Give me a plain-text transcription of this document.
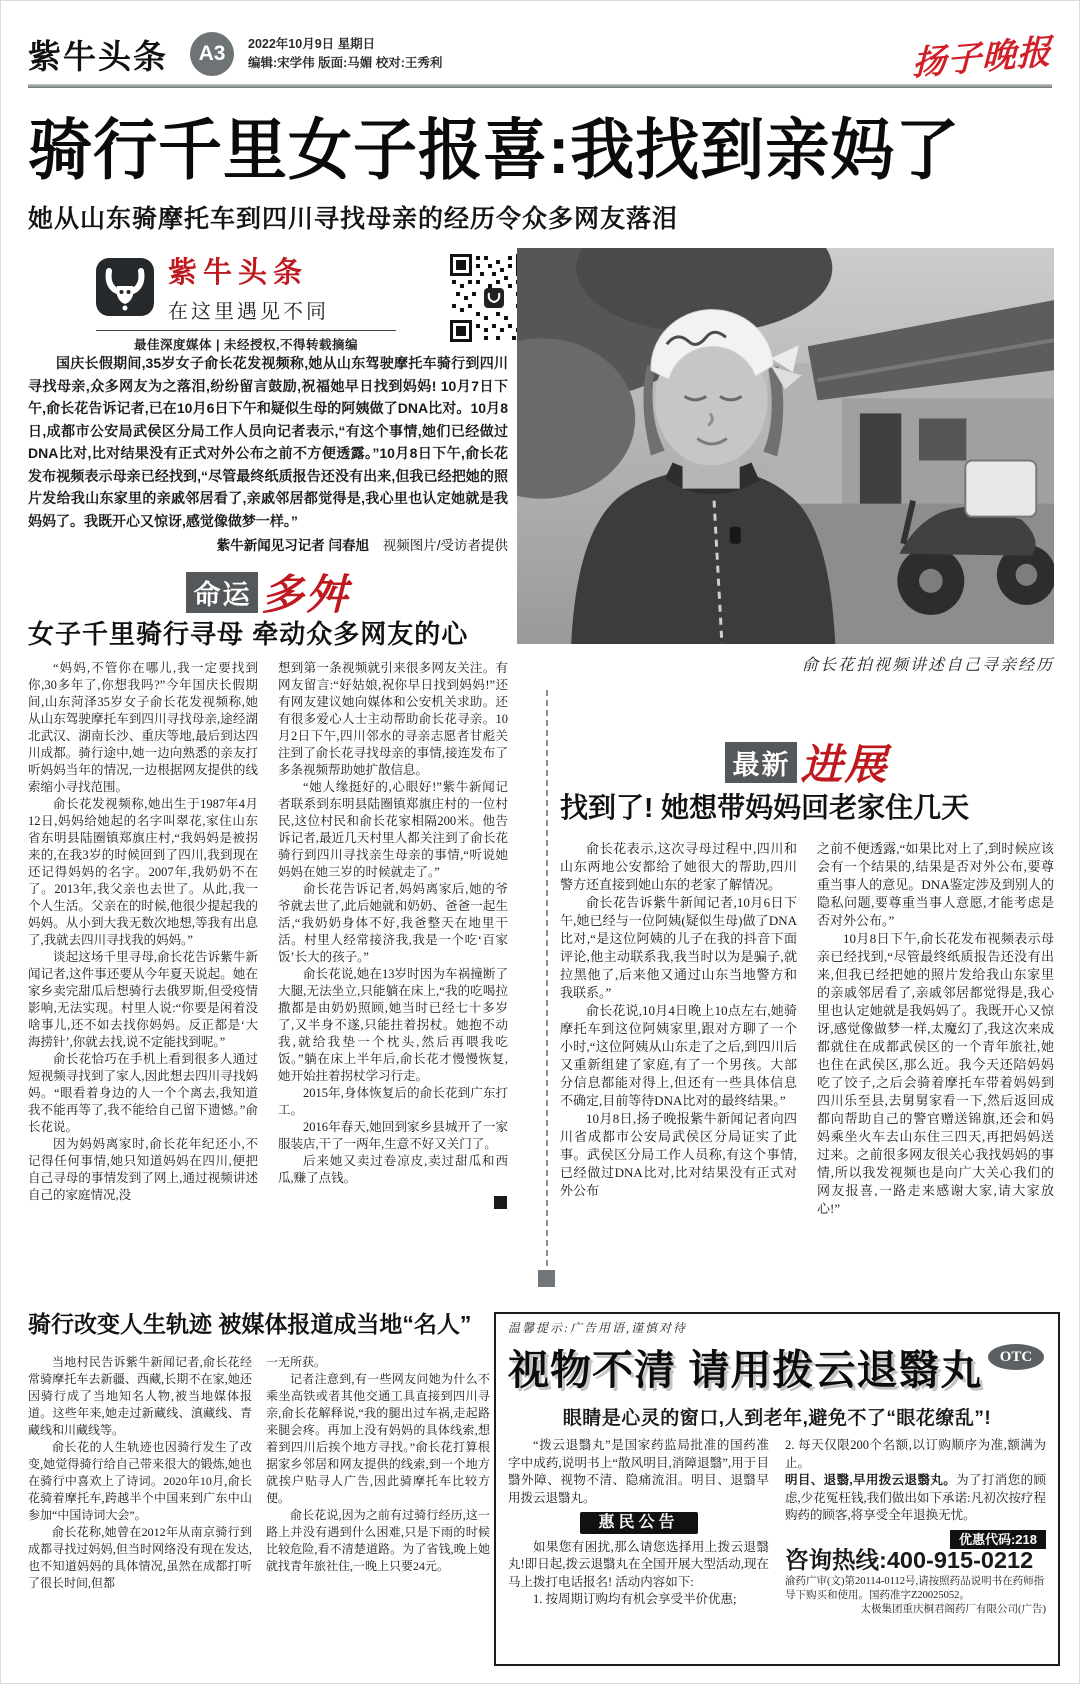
紫牛头条	A3	2022年10月9日 星期日
编辑:宋学伟 版面:马媚 校对:王秀利	扬子晚报
骑行千里女子报喜:我找到亲妈了
她从山东骑摩托车到四川寻找母亲的经历令众多网友落泪
紫牛头条
在这里遇见不同
最佳深度媒体 | 未经授权,不得转载摘编

国庆长假期间,35岁女子俞长花发视频称,她从山东驾驶摩托车骑行到四川寻找母亲,众多网友为之落泪,纷纷留言鼓励,祝福她早日找到妈妈! 10月7日下午,俞长花告诉记者,已在10月6日下午和疑似生母的阿姨做了DNA比对。10月8日,成都市公安局武侯区分局工作人员向记者表示,“有这个事情,她们已经做过DNA比对,比对结果没有正式对外公布之前不方便透露。”10月8日下午,俞长花发布视频表示母亲已经找到,“尽管最终纸质报告还没有出来,但我已经把她的照片发给我山东家里的亲戚邻居看了,亲戚邻居都觉得是,我心里也认定她就是我妈妈了。我既开心又惊讶,感觉像做梦一样。”

紫牛新闻见习记者 闫春旭 视频图片/受访者提供
命运 多舛
女子千里骑行寻母 牵动众多网友的心

“妈妈,不管你在哪儿,我一定要找到你,30多年了,你想我吗?”今年国庆长假期间,山东菏泽35岁女子俞长花发视频称,她从山东驾驶摩托车到四川寻找母亲,途经湖北武汉、湖南长沙、重庆等地,最后到达四川成都。骑行途中,她一边向熟悉的亲友打听妈妈当年的情况,一边根据网友提供的线索缩小寻找范围。

俞长花发视频称,她出生于1987年4月12日,妈妈给她起的名字叫翠花,家住山东省东明县陆圈镇郑旗庄村,“我妈妈是被拐来的,在我3岁的时候回到了四川,我到现在还记得妈妈的名字。2007年,我奶奶不在了。2013年,我父亲也去世了。从此,我一个人生活。父亲在的时候,他很少提起我的妈妈。从小到大我无数次地想,等我有出息了,我就去四川寻找我的妈妈。”

谈起这场千里寻母,俞长花告诉紫牛新闻记者,这件事还要从今年夏天说起。她在家乡卖完甜瓜后想骑行去俄罗斯,但受疫情影响,无法实现。村里人说:“你要是闲着没啥事儿,还不如去找你妈妈。反正都是‘大海捞针’,你就去找,说不定能找到呢。”

俞长花恰巧在手机上看到很多人通过短视频寻找到了家人,因此想去四川寻找妈妈。“眼看着身边的人一个个离去,我知道我不能再等了,我不能给自己留下遗憾。”俞长花说。

因为妈妈离家时,俞长花年纪还小,不记得任何事情,她只知道妈妈在四川,便把自己寻母的事情发到了网上,通过视频讲述自己的家庭情况,没

想到第一条视频就引来很多网友关注。有网友留言:“好姑娘,祝你早日找到妈妈!”还有网友建议她向媒体和公安机关求助。还有很多爱心人士主动帮助俞长花寻亲。10月2日下午,四川邻水的寻亲志愿者甘彪关注到了俞长花寻找母亲的事情,接连发布了多条视频帮助她扩散信息。

“她人缘挺好的,心眼好!”紫牛新闻记者联系到东明县陆圈镇郑旗庄村的一位村民,这位村民和俞长花家相隔200米。他告诉记者,最近几天村里人都关注到了俞长花骑行到四川寻找亲生母亲的事情,“听说她妈妈在她三岁的时候就走了。”

俞长花告诉记者,妈妈离家后,她的爷爷就去世了,此后她就和奶奶、爸爸一起生活,“我奶奶身体不好,我爸整天在地里干活。村里人经常接济我,我是一个吃‘百家饭’长大的孩子。”

俞长花说,她在13岁时因为车祸撞断了大腿,无法坐立,只能躺在床上,“我的吃喝拉撒都是由奶奶照顾,她当时已经七十多岁了,又半身不遂,只能拄着拐杖。她抱不动我,就给我垫一个枕头,然后再喂我吃饭。”躺在床上半年后,俞长花才慢慢恢复,她开始拄着拐杖学习行走。

2015年,身体恢复后的俞长花到广东打工。

2016年春天,她回到家乡县城开了一家服装店,干了一两年,生意不好又关门了。

后来她又卖过卷凉皮,卖过甜瓜和西瓜,赚了点钱。

俞长花拍视频讲述自己寻亲经历
最新 进展
找到了! 她想带妈妈回老家住几天

俞长花表示,这次寻母过程中,四川和山东两地公安都给了她很大的帮助,四川警方还直接到她山东的老家了解情况。

俞长花告诉紫牛新闻记者,10月6日下午,她已经与一位阿姨(疑似生母)做了DNA比对,“是这位阿姨的儿子在我的抖音下面评论,他主动联系我,我当时以为是骗子,就拉黑他了,后来他又通过山东当地警方和我联系。”

俞长花说,10月4日晚上10点左右,她骑摩托车到这位阿姨家里,跟对方聊了一个小时,“这位阿姨从山东走了之后,到四川后又重新组建了家庭,有了一个男孩。大部分信息都能对得上,但还有一些具体信息不确定,目前等待DNA比对的最终结果。”

10月8日,扬子晚报紫牛新闻记者向四川省成都市公安局武侯区分局证实了此事。武侯区分局工作人员称,有这个事情,已经做过DNA比对,比对结果没有正式对外公布

之前不便透露,“如果比对上了,到时候应该会有一个结果的,结果是否对外公布,要尊重当事人的意见。DNA鉴定涉及到别人的隐私问题,要尊重当事人意愿,才能考虑是否对外公布。”

10月8日下午,俞长花发布视频表示母亲已经找到,“尽管最终纸质报告还没有出来,但我已经把她的照片发给我山东家里的亲戚邻居看了,亲戚邻居都觉得是,我心里也认定她就是我妈妈了。我既开心又惊讶,感觉像做梦一样,太魔幻了,我这次来成都就住在成都武侯区的一个青年旅社,她也住在武侯区,那么近。我今天还陪妈妈吃了饺子,之后会骑着摩托车带着妈妈到四川乐至县,去舅舅家看一下,然后返回成都向帮助自己的警官赠送锦旗,还会和妈妈乘坐火车去山东住三四天,再把妈妈送过来。之前很多网友很关心我找妈妈的事情,所以我发视频也是向广大关心我们的网友报喜,一路走来感谢大家,请大家放心!”

骑行改变人生轨迹 被媒体报道成当地“名人”

当地村民告诉紫牛新闻记者,俞长花经常骑摩托车去新疆、西藏,长期不在家,她还因骑行成了当地知名人物,被当地媒体报道。这些年来,她走过新藏线、滇藏线、青藏线和川藏线等。

俞长花的人生轨迹也因骑行发生了改变,她觉得骑行给自己带来很大的锻炼,她也在骑行中喜欢上了诗词。2020年10月,俞长花骑着摩托车,跨越半个中国来到广东中山参加“中国诗词大会”。

俞长花称,她曾在2012年从南京骑行到成都寻找过妈妈,但当时网络没有现在发达,也不知道妈妈的具体情况,虽然在成都打听了很长时间,但都

一无所获。

记者注意到,有一些网友问她为什么不乘坐高铁或者其他交通工具直接到四川寻亲,俞长花解释说,“我的腿出过车祸,走起路来腿会疼。再加上没有妈妈的具体线索,想着到四川后挨个地方寻找。”俞长花打算根据家乡邻居和网友提供的线索,到一个地方就挨户贴寻人广告,因此骑摩托车比较方便。

俞长花说,因为之前有过骑行经历,这一路上并没有遇到什么困难,只是下雨的时候比较危险,看不清楚道路。为了省钱,晚上她就找青年旅社住,一晚上只要24元。

温馨提示:广告用语,谨慎对待
OTC
视物不清 请用拨云退翳丸
眼睛是心灵的窗口,人到老年,避免不了“眼花缭乱”!

“拨云退翳丸”是国家药监局批准的国药准字中成药,说明书上“散风明目,消障退翳”,用于目翳外障、视物不清、隐痛流泪。明目、退翳早用拨云退翳丸。

惠民公告

如果您有困扰,那么请您选择用上拨云退翳丸!即日起,拨云退翳丸在全国开展大型活动,现在马上拨打电话报名! 活动内容如下:

1. 按周期订购均有机会享受半价优惠;

2. 每天仅限200个名额,以订购顺序为准,额满为止。

明目、退翳,早用拨云退翳丸。为了打消您的顾虑,少花冤枉钱,我们做出如下承诺:凡初次按疗程购药的顾客,将享受全年退换无忧。

优惠代码:218
咨询热线:400-915-0212
渝药广审(文)第20114-0112号,请按照药品说明书在药师指导下购买和使用。国药准字Z20025052。
太极集团重庆桐君阁药厂有限公司(广告)
